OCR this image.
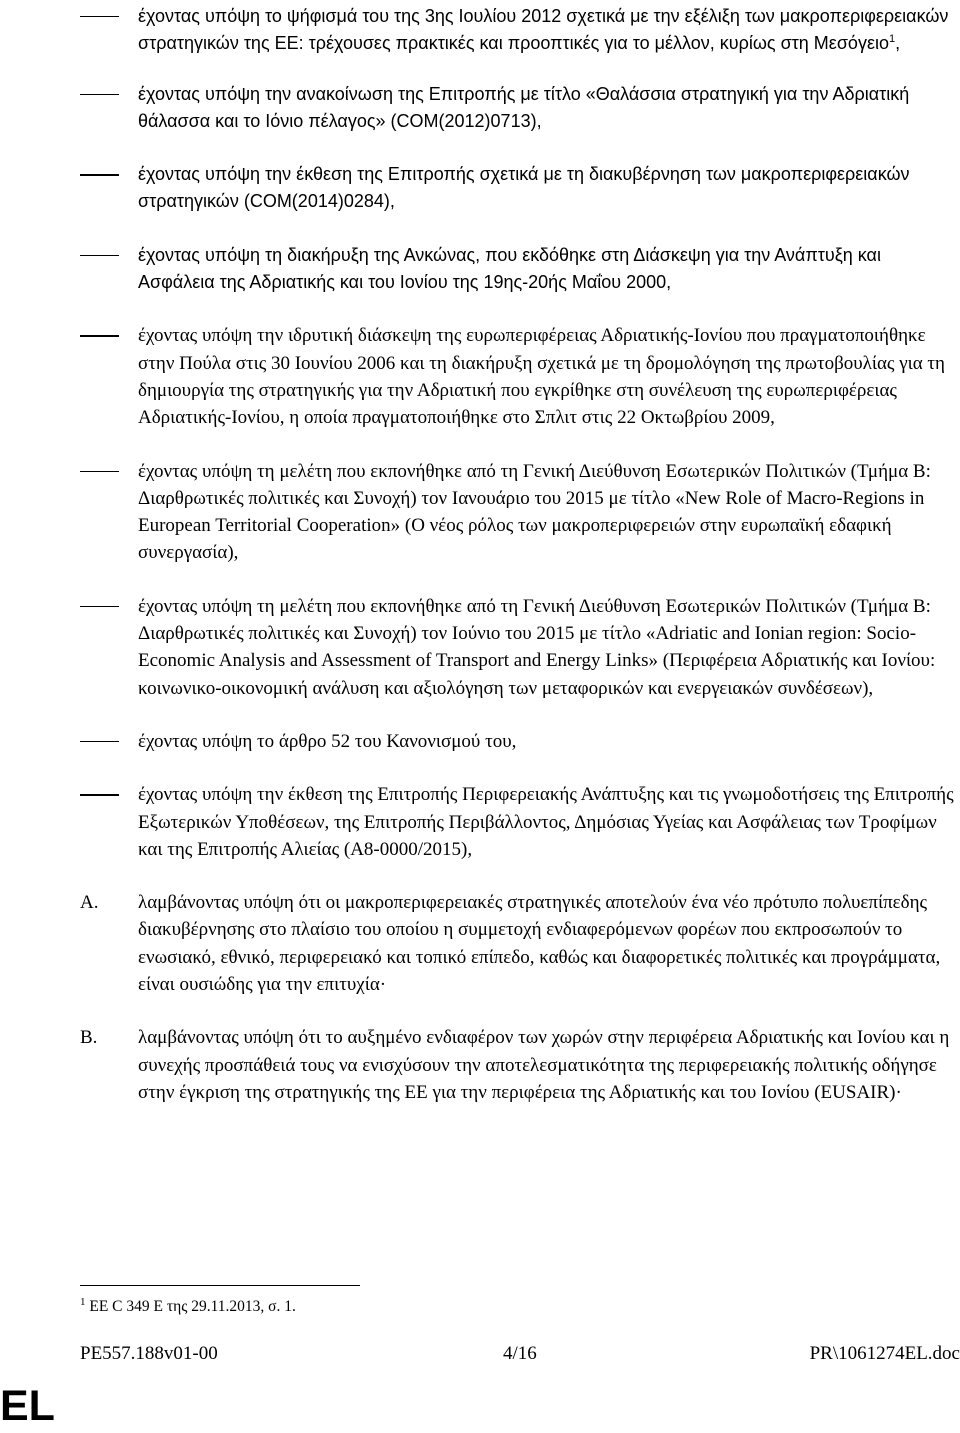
έχοντας υπόψη το ψήφισμά του της 3ης Ιουλίου 2012 σχετικά με την εξέλιξη των μακροπεριφερειακών στρατηγικών της ΕΕ: τρέχουσες πρακτικές και προοπτικές για το μέλλον, κυρίως στη Μεσόγειο$^1$,
έχοντας υπόψη την ανακοίνωση της Επιτροπής με τίτλο «Θαλάσσια στρατηγική για την Αδριατική θάλασσα και το Ιόνιο πέλαγος» (COM(2012)0713),
έχοντας υπόψη την έκθεση της Επιτροπής σχετικά με τη διακυβέρνηση των μακροπεριφερειακών στρατηγικών (COM(2014)0284),
έχοντας υπόψη τη διακήρυξη της Ανκώνας, που εκδόθηκε στη Διάσκεψη για την Ανάπτυξη και Ασφάλεια της Αδριατικής και του Ιονίου της 19ης-20ής Μαΐου 2000,
έχοντας υπόψη την ιδρυτική διάσκεψη της ευρωπεριφέρειας Αδριατικής-Ιονίου που πραγματοποιήθηκε στην Πούλα στις 30 Ιουνίου 2006 και τη διακήρυξη σχετικά με τη δρομολόγηση της πρωτοβουλίας για τη δημιουργία της στρατηγικής για την Αδριατική που εγκρίθηκε στη συνέλευση της ευρωπεριφέρειας Αδριατικής-Ιονίου, η οποία πραγματοποιήθηκε στο Σπλιτ στις 22 Οκτωβρίου 2009,
έχοντας υπόψη τη μελέτη που εκπονήθηκε από τη Γενική Διεύθυνση Εσωτερικών Πολιτικών (Τμήμα B: Διαρθρωτικές πολιτικές και Συνοχή) τον Ιανουάριο του 2015 με τίτλο «New Role of Macro-Regions in European Territorial Cooperation» (Ο νέος ρόλος των μακροπεριφερειών στην ευρωπαϊκή εδαφική συνεργασία),
έχοντας υπόψη τη μελέτη που εκπονήθηκε από τη Γενική Διεύθυνση Εσωτερικών Πολιτικών (Τμήμα B: Διαρθρωτικές πολιτικές και Συνοχή) τον Ιούνιο του 2015 με τίτλο «Adriatic and Ionian region: Socio-Economic Analysis and Assessment of Transport and Energy Links» (Περιφέρεια Αδριατικής και Ιονίου: κοινωνικο-οικονομική ανάλυση και αξιολόγηση των μεταφορικών και ενεργειακών συνδέσεων),
έχοντας υπόψη το άρθρο 52 του Κανονισμού του,
έχοντας υπόψη την έκθεση της Επιτροπής Περιφερειακής Ανάπτυξης και τις γνωμοδοτήσεις της Επιτροπής Εξωτερικών Υποθέσεων, της Επιτροπής Περιβάλλοντος, Δημόσιας Υγείας και Ασφάλειας των Τροφίμων και της Επιτροπής Αλιείας (A8-0000/2015),
A.	λαμβάνοντας υπόψη ότι οι μακροπεριφερειακές στρατηγικές αποτελούν ένα νέο πρότυπο πολυεπίπεδης διακυβέρνησης στο πλαίσιο του οποίου η συμμετοχή ενδιαφερόμενων φορέων που εκπροσωπούν το ενωσιακό, εθνικό, περιφερειακό και τοπικό επίπεδο, καθώς και διαφορετικές πολιτικές και προγράμματα, είναι ουσιώδης για την επιτυχία·
B.	λαμβάνοντας υπόψη ότι το αυξημένο ενδιαφέρον των χωρών στην περιφέρεια Αδριατικής και Ιονίου και η συνεχής προσπάθειά τους να ενισχύσουν την αποτελεσματικότητα της περιφερειακής πολιτικής οδήγησε στην έγκριση της στρατηγικής της ΕΕ για την περιφέρεια της Αδριατικής και του Ιονίου (EUSAIR)·
$^1$ ΕΕ C 349 E της 29.11.2013, σ. 1.
PE557.188v01-00	4/16	PR\1061274EL.doc
EL
